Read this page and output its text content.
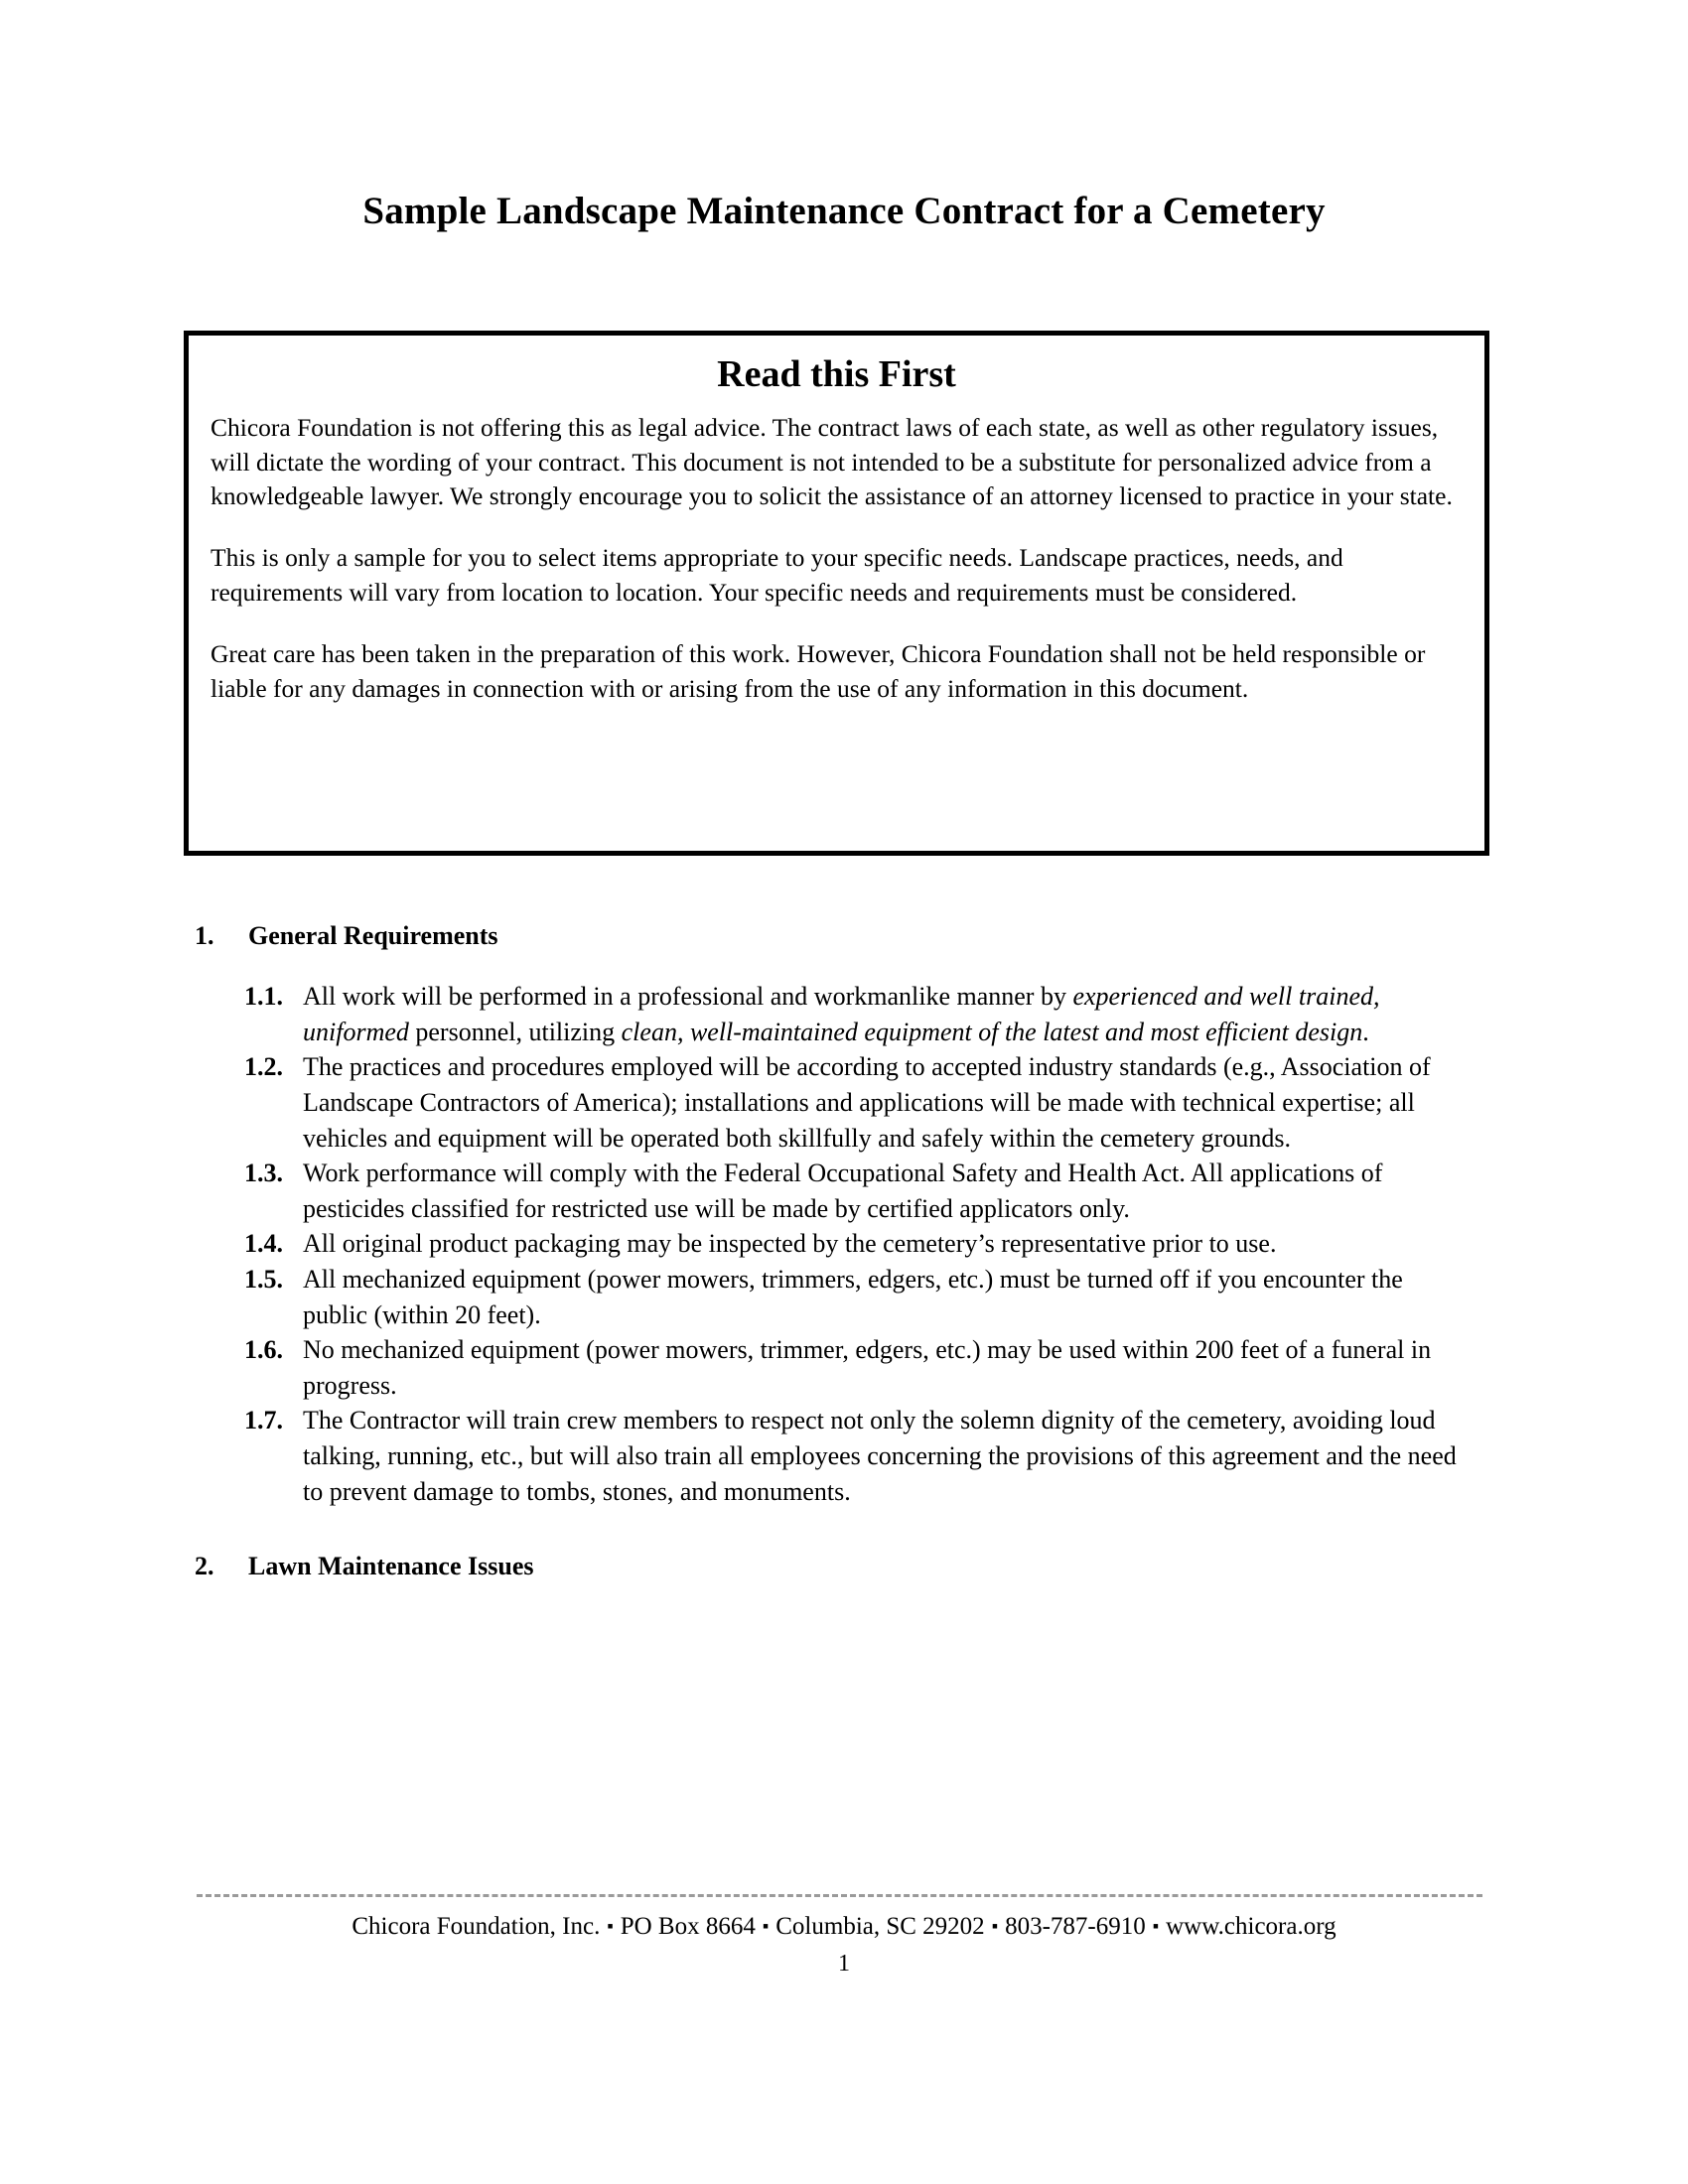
Sample Landscape Maintenance Contract for a Cemetery
Read this First

Chicora Foundation is not offering this as legal advice. The contract laws of each state, as well as other regulatory issues, will dictate the wording of your contract. This document is not intended to be a substitute for personalized advice from a knowledgeable lawyer. We strongly encourage you to solicit the assistance of an attorney licensed to practice in your state.

This is only a sample for you to select items appropriate to your specific needs. Landscape practices, needs, and requirements will vary from location to location. Your specific needs and requirements must be considered.

Great care has been taken in the preparation of this work. However, Chicora Foundation shall not be held responsible or liable for any damages in connection with or arising from the use of any information in this document.

1. General Requirements
1.1. All work will be performed in a professional and workmanlike manner by experienced and well trained, uniformed personnel, utilizing clean, well-maintained equipment of the latest and most efficient design.
1.2. The practices and procedures employed will be according to accepted industry standards (e.g., Association of Landscape Contractors of America); installations and applications will be made with technical expertise; all vehicles and equipment will be operated both skillfully and safely within the cemetery grounds.
1.3. Work performance will comply with the Federal Occupational Safety and Health Act. All applications of pesticides classified for restricted use will be made by certified applicators only.
1.4. All original product packaging may be inspected by the cemetery’s representative prior to use.
1.5. All mechanized equipment (power mowers, trimmers, edgers, etc.) must be turned off if you encounter the public (within 20 feet).
1.6. No mechanized equipment (power mowers, trimmer, edgers, etc.) may be used within 200 feet of a funeral in progress.
1.7. The Contractor will train crew members to respect not only the solemn dignity of the cemetery, avoiding loud talking, running, etc., but will also train all employees concerning the provisions of this agreement and the need to prevent damage to tombs, stones, and monuments.
2. Lawn Maintenance Issues
Chicora Foundation, Inc. ▪ PO Box 8664 ▪ Columbia, SC 29202 ▪ 803-787-6910 ▪ www.chicora.org
1
